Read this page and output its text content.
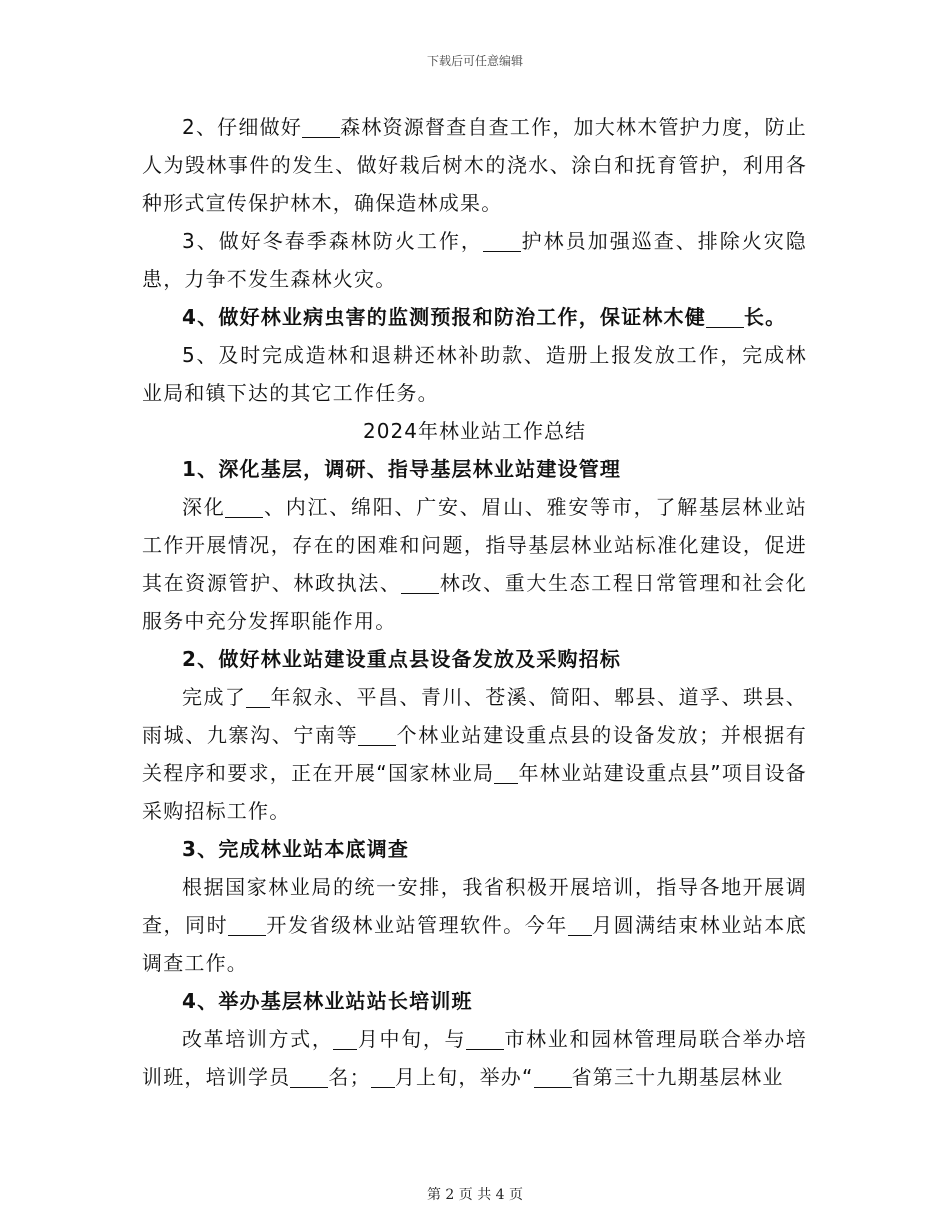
下载后可任意编辑

2、仔细做好 森林资源督查自查工作，加大林木管护力度，防止人为毁林事件的发生、做好栽后树木的浇水、涂白和抚育管护，利用各种形式宣传保护林木，确保造林成果。

3、做好冬春季森林防火工作， 护林员加强巡查、排除火灾隐患，力争不发生森林火灾。

4、做好林业病虫害的监测预报和防治工作，保证林木健 长。

5、及时完成造林和退耕还林补助款、造册上报发放工作，完成林业局和镇下达的其它工作任务。

2024年林业站工作总结

1、深化基层，调研、指导基层林业站建设管理

深化 、内江、绵阳、广安、眉山、雅安等市，了解基层林业站工作开展情况，存在的困难和问题，指导基层林业站标准化建设，促进其在资源管护、林政执法、 林改、重大生态工程日常管理和社会化服务中充分发挥职能作用。

2、做好林业站建设重点县设备发放及采购招标

完成了 年叙永、平昌、青川、苍溪、简阳、郫县、道孚、珙县、雨城、九寨沟、宁南等 个林业站建设重点县的设备发放；并根据有关程序和要求，正在开展“国家林业局 年林业站建设重点县”项目设备采购招标工作。

3、完成林业站本底调查

根据国家林业局的统一安排，我省积极开展培训，指导各地开展调查，同时 开发省级林业站管理软件。今年 月圆满结束林业站本底调查工作。

4、举办基层林业站站长培训班

改革培训方式， 月中旬，与 市林业和园林管理局联合举办培训班，培训学员 名； 月上旬，举办“ 省第三十九期基层林业

第 2 页 共 4 页
